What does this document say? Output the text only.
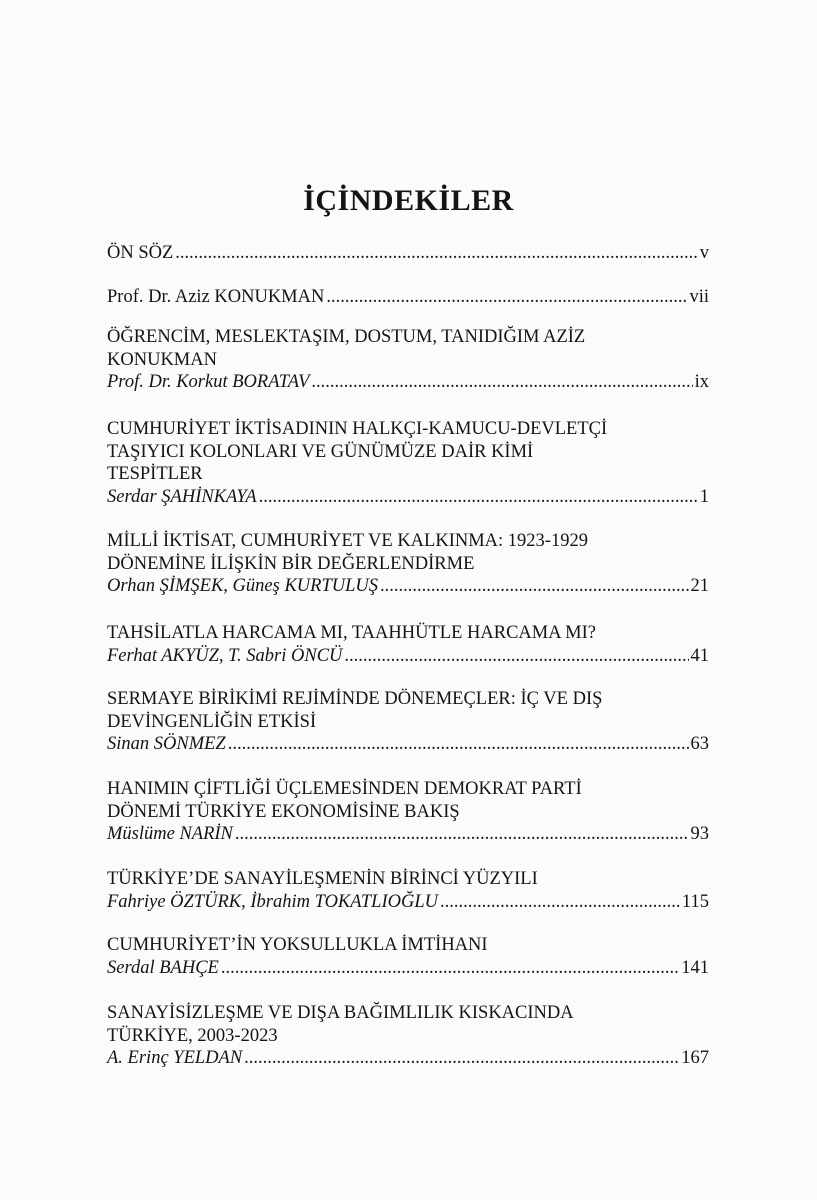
İÇİNDEKİLER
ÖN SÖZ .....	v
Prof. Dr. Aziz KONUKMAN .....	vii
ÖĞRENCİM, MESLEKTAŞIM, DOSTUM, TANIDIĞIM AZİZ
KONUKMAN
Prof. Dr. Korkut BORATAV .....	ix
CUMHURİYET İKTİSADININ HALKÇI-KAMUCU-DEVLETÇİ
TAŞIYICI KOLONLARI VE GÜNÜMÜZE DAİR KİMİ
TESPİTLER
Serdar ŞAHİNKAYA .....	1
MİLLİ İKTİSAT, CUMHURİYET VE KALKINMA: 1923-1929
DÖNEMİNE İLİŞKİN BİR DEĞERLENDİRME
Orhan ŞİMŞEK, Güneş KURTULUŞ .....	21
TAHSİLATLA HARCAMA MI, TAAHHÜTLE HARCAMA MI?
Ferhat AKYÜZ, T. Sabri ÖNCÜ .....	41
SERMAYE BİRİKİMİ REJİMİNDE DÖNEMEÇLER: İÇ VE DIŞ
DEVİNGENLİĞİN ETKİSİ
Sinan SÖNMEZ .....	63
HANIMIN ÇİFTLİĞİ ÜÇLEMESİNDEN DEMOKRAT PARTİ
DÖNEMİ TÜRKİYE EKONOMİSİNE BAKIŞ
Müslüme NARİN .....	93
TÜRKİYE’DE SANAYİLEŞMENİN BİRİNCİ YÜZYILI
Fahriye ÖZTÜRK, İbrahim TOKATLIOĞLU .....	115
CUMHURİYET’İN YOKSULLUKLA İMTİHANI
Serdal BAHÇE .....	141
SANAYİSİZLEŞME VE DIŞA BAĞIMLILIK KISKACINDA
TÜRKİYE, 2003-2023
A. Erinç YELDAN .....	167
